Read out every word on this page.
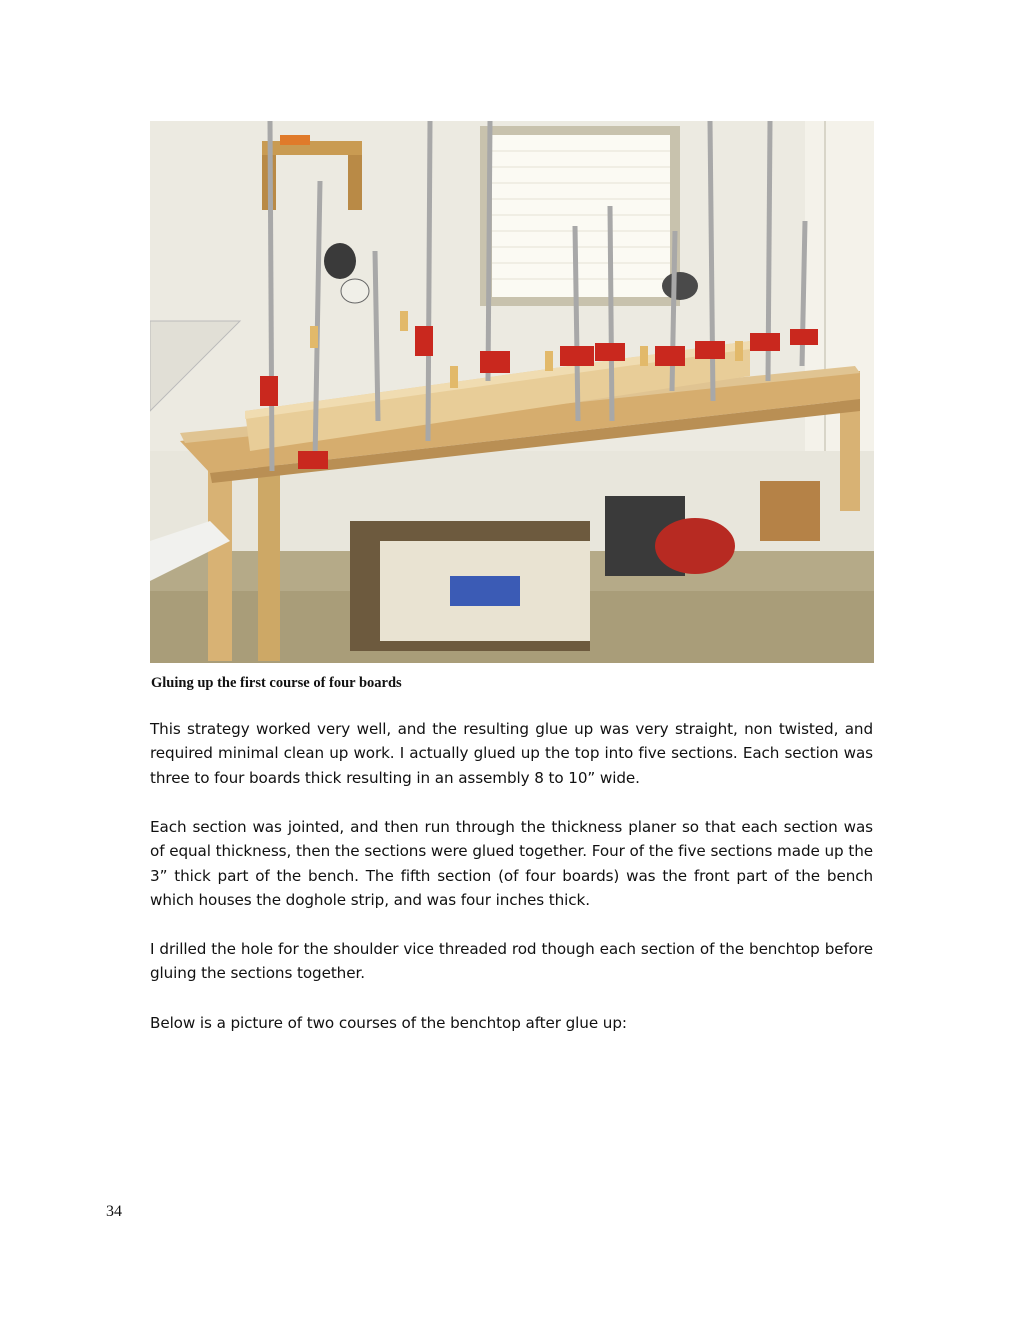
Gluing up the first course of four boards

This strategy worked very well, and the resulting glue up was very straight, non twisted, and required minimal clean up work. I actually glued up the top into five sections. Each section was three to four boards thick resulting in an assembly 8 to 10” wide.

Each section was jointed, and then run through the thickness planer so that each section was of equal thickness, then the sections were glued together. Four of the five sections made up the 3” thick part of the bench. The fifth section (of four boards) was the front part of the bench which houses the doghole strip, and was four inches thick.

I drilled the hole for the shoulder vice threaded rod though each section of the benchtop before gluing the sections together.

Below is a picture of two courses of the benchtop after glue up:

34
